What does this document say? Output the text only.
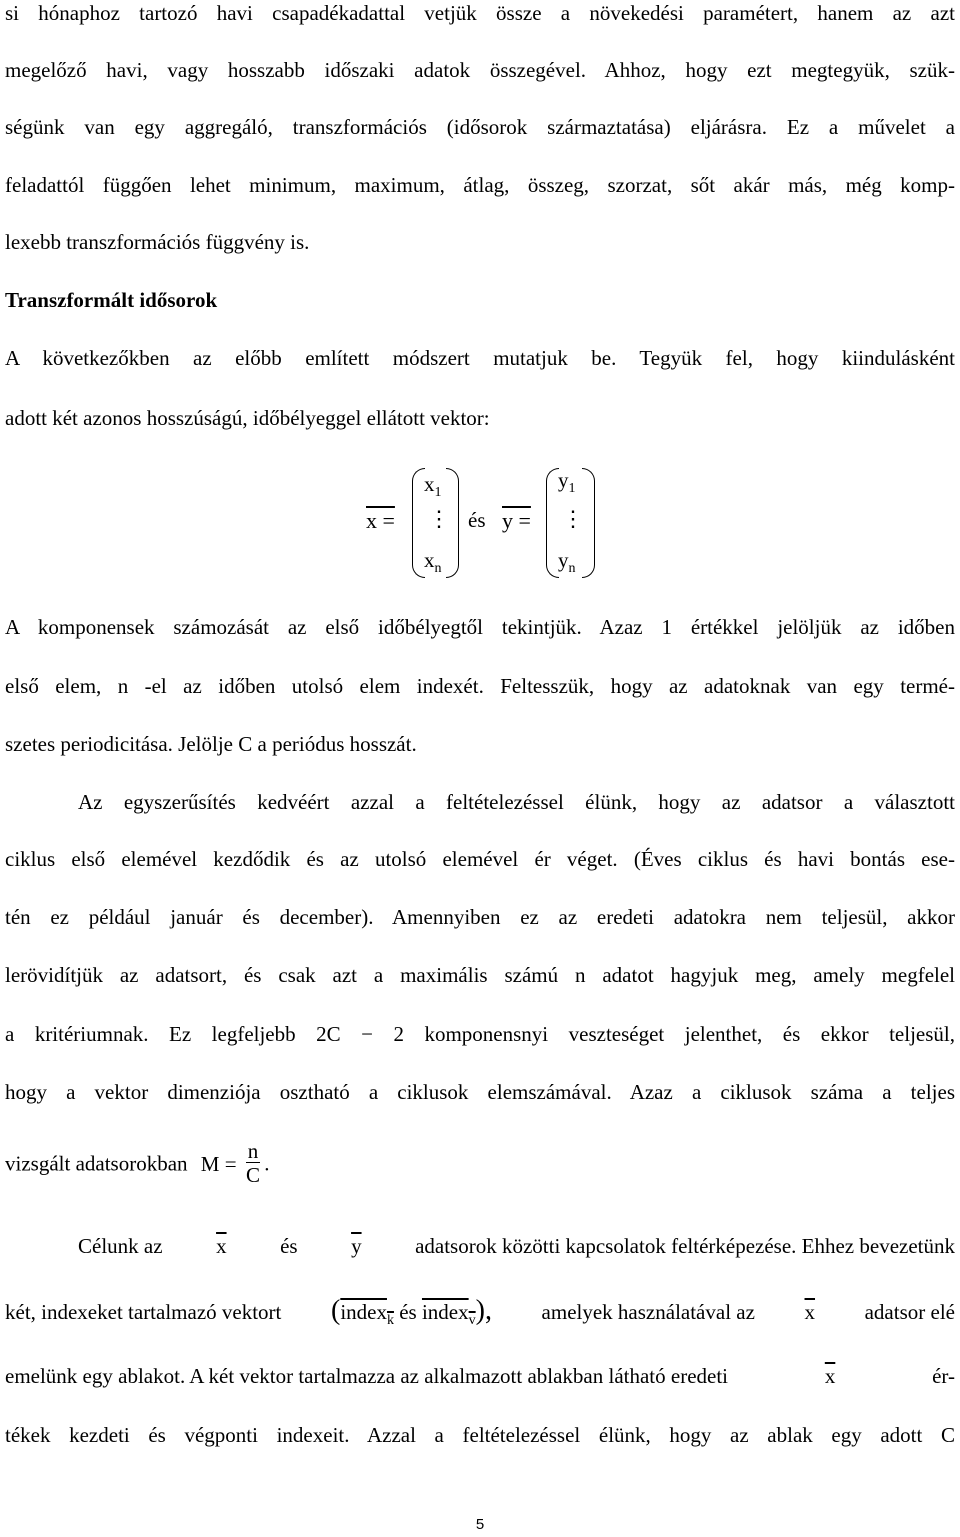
si hónaphoz tartozó havi csapadékadattal vetjük össze a növekedési paramétert, hanem az azt
megelőző havi, vagy hosszabb időszaki adatok összegével. Ahhoz, hogy ezt megtegyük, szük-
ségünk van egy aggregáló, transzformációs (idősorok származtatása) eljárásra. Ez a művelet a
feladattól függően lehet minimum, maximum, átlag, összeg, szorzat, sőt akár más, még komp-
lexebb transzformációs függvény is.
Transzformált idősorok
A következőkben az előbb említett módszert mutatjuk be. Tegyük fel, hogy kiindulásként
adott két azonos hosszúságú, időbélyeggel ellátott vektor:
x =
$x_1$
⋮
$x_n$
és y =
$y_1$
⋮
$y_n$
A komponensek számozását az első időbélyegtől tekintjük. Azaz 1 értékkel jelöljük az időben
első elem, n -el az időben utolsó elem indexét. Feltesszük, hogy az adatoknak van egy termé-
szetes periodicitása. Jelölje C a periódus hosszát.
Az egyszerűsítés kedvéért azzal a feltételezéssel élünk, hogy az adatsor a választott
ciklus első elemével kezdődik és az utolsó elemével ér véget. (Éves ciklus és havi bontás ese-
tén ez például január és december). Amennyiben ez az eredeti adatokra nem teljesül, akkor
lerövidítjük az adatsort, és csak azt a maximális számú n adatot hagyjuk meg, amely megfelel
a kritériumnak. Ez legfeljebb 2C − 2 komponensnyi veszteséget jelenthet, és ekkor teljesül,
hogy a vektor dimenziója osztható a ciklusok elemszámával. Azaz a ciklusok száma a teljes
vizsgált adatsorokban $M = \frac{n}{C}$ .
Célunk az	$\overline{x}$	és	$\overline{y}$	adatsorok közötti kapcsolatok feltérképezése. Ehhez bevezetünk
két, indexeket tartalmazó vektort (index$_k$ és index$_v$), amelyek használatával az $\overline{x}$ adatsor elé
emelünk egy ablakot. A két vektor tartalmazza az alkalmazott ablakban látható eredeti	$\overline{x}$	ér-
tékek kezdeti és végponti indexeit. Azzal a feltételezéssel élünk, hogy az ablak egy adott C
5
